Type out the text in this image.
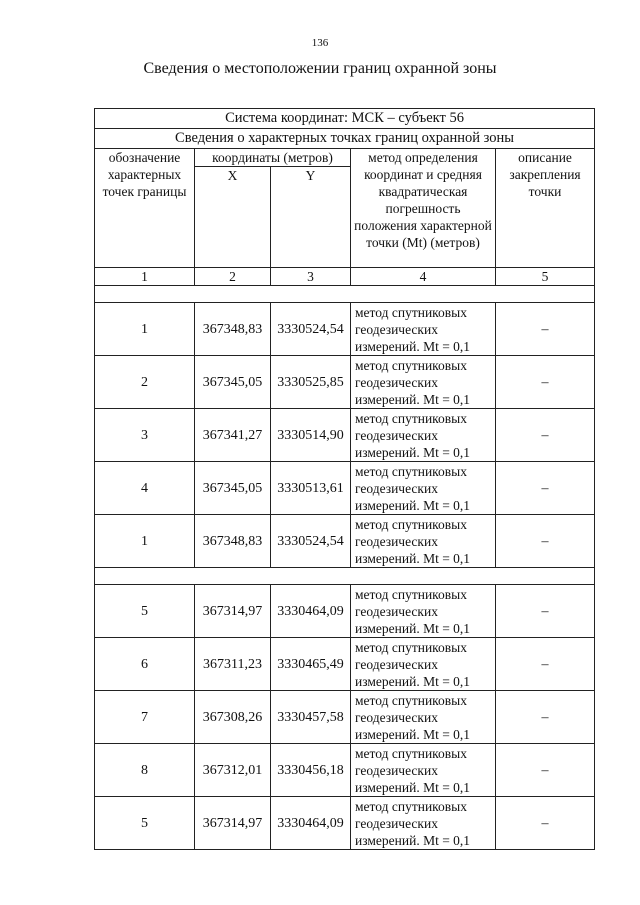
136
Сведения о местоположении границ охранной зоны
Система координат: МСК – субъект 56				
Сведения о характерных точках границ охранной зоны				
обозначение характерных точек границы	координаты (метров)		метод определения координат и средняя квадратическая погрешность положения характерной точки (Mt) (метров)	описание закрепления точки
	X	Y		
1	2	3	4	5

1	367348,83	3330524,54	метод спутниковых геодезических измерений. Mt = 0,1	–
2	367345,05	3330525,85	метод спутниковых геодезических измерений. Mt = 0,1	–
3	367341,27	3330514,90	метод спутниковых геодезических измерений. Mt = 0,1	–
4	367345,05	3330513,61	метод спутниковых геодезических измерений. Mt = 0,1	–
1	367348,83	3330524,54	метод спутниковых геодезических измерений. Mt = 0,1	–

5	367314,97	3330464,09	метод спутниковых геодезических измерений. Mt = 0,1	–
6	367311,23	3330465,49	метод спутниковых геодезических измерений. Mt = 0,1	–
7	367308,26	3330457,58	метод спутниковых геодезических измерений. Mt = 0,1	–
8	367312,01	3330456,18	метод спутниковых геодезических измерений. Mt = 0,1	–
5	367314,97	3330464,09	метод спутниковых геодезических измерений. Mt = 0,1	–
